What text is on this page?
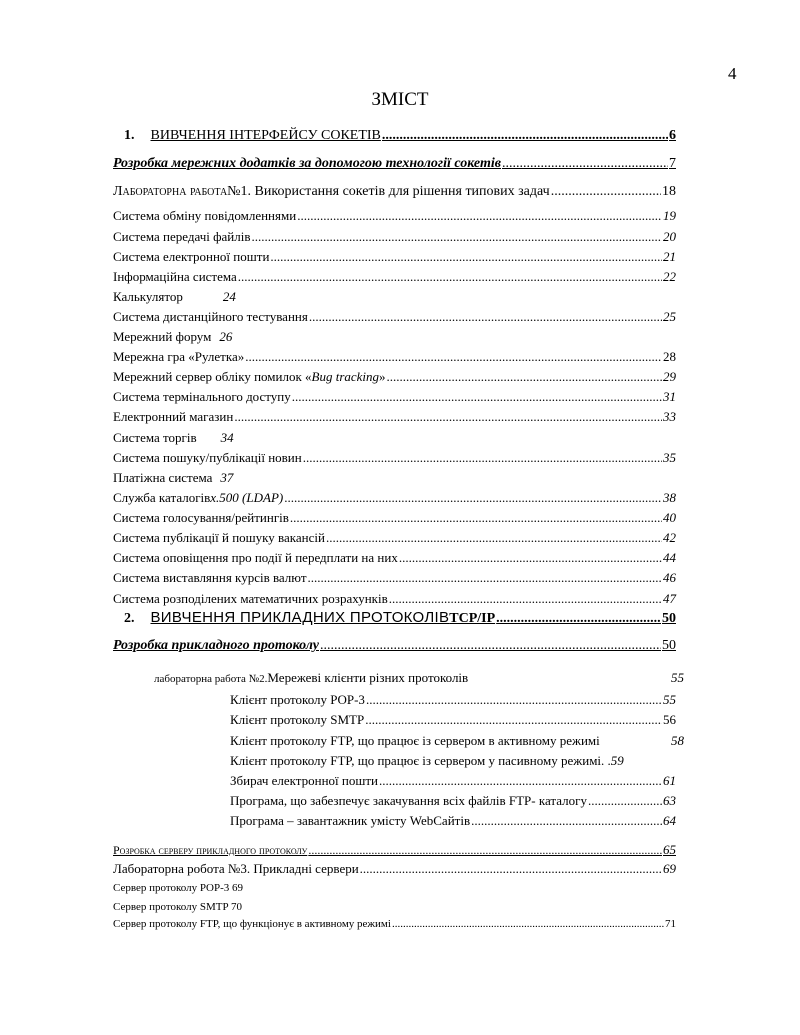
4
ЗМІСТ
1. ВИВЧЕННЯ ІНТЕРФЕЙСУ СОКЕТІВ .....	6
Розробка мережних додатків за допомогою технології сокетів .....	7
Лабораторна работа №1. Використання сокетів для рішення типових задач .....	18
Система обміну повідомленнями .....	19
Система передачі файлів .....	20
Система електронної пошти .....	21
Інформаційна система .....	22
Калькулятор	24
Система дистанційного тестування .....	25
Мережний форум 26
Мережна гра «Рулетка» .....	28
Мережний сервер обліку помилок « Bug tracking » .....	29
Система термінального доступу .....	31
Електронний магазин .....	33
Система торгів 34
Система пошуку/публікації новин .....	35
Платіжна система 37
Служба каталогів x.500 (LDAP) .....	38
Система голосування/рейтингів .....	40
Система публікації й пошуку вакансій .....	42
Система оповіщення про події й передплати на них .....	44
Система виставляння курсів валют .....	46
Система розподілених математичних розрахунків .....	47
2. ВИВЧЕННЯ ПРИКЛАДНИХ ПРОТОКОЛІВ TCP/IP .....	50
Розробка прикладного протоколу .....	50
лабораторна работа №2. Мережеві клієнти різних протоколів	55
Клієнт протоколу POP-3 .....	55
Клієнт протоколу SMTP .....	56
Клієнт протоколу FTP, що працює із сервером в активному режимі	58
Клієнт протоколу FTP, що працює із сервером у пасивному режимі. . 59
Збирач електронної пошти .....	61
Програма, що забезпечує закачування всіх файлів FTP- каталогу .....	63
Програма – завантажник умісту WebСайтів .....	64
Розробка серверу прикладного протоколу .....	65
Лабораторна робота №3. Прикладні сервери .....	69
Сервер протоколу POP-3 69
Сервер протоколу SMTP 70
Сервер протоколу FTP, що функціонує в активному режимі .....	71
